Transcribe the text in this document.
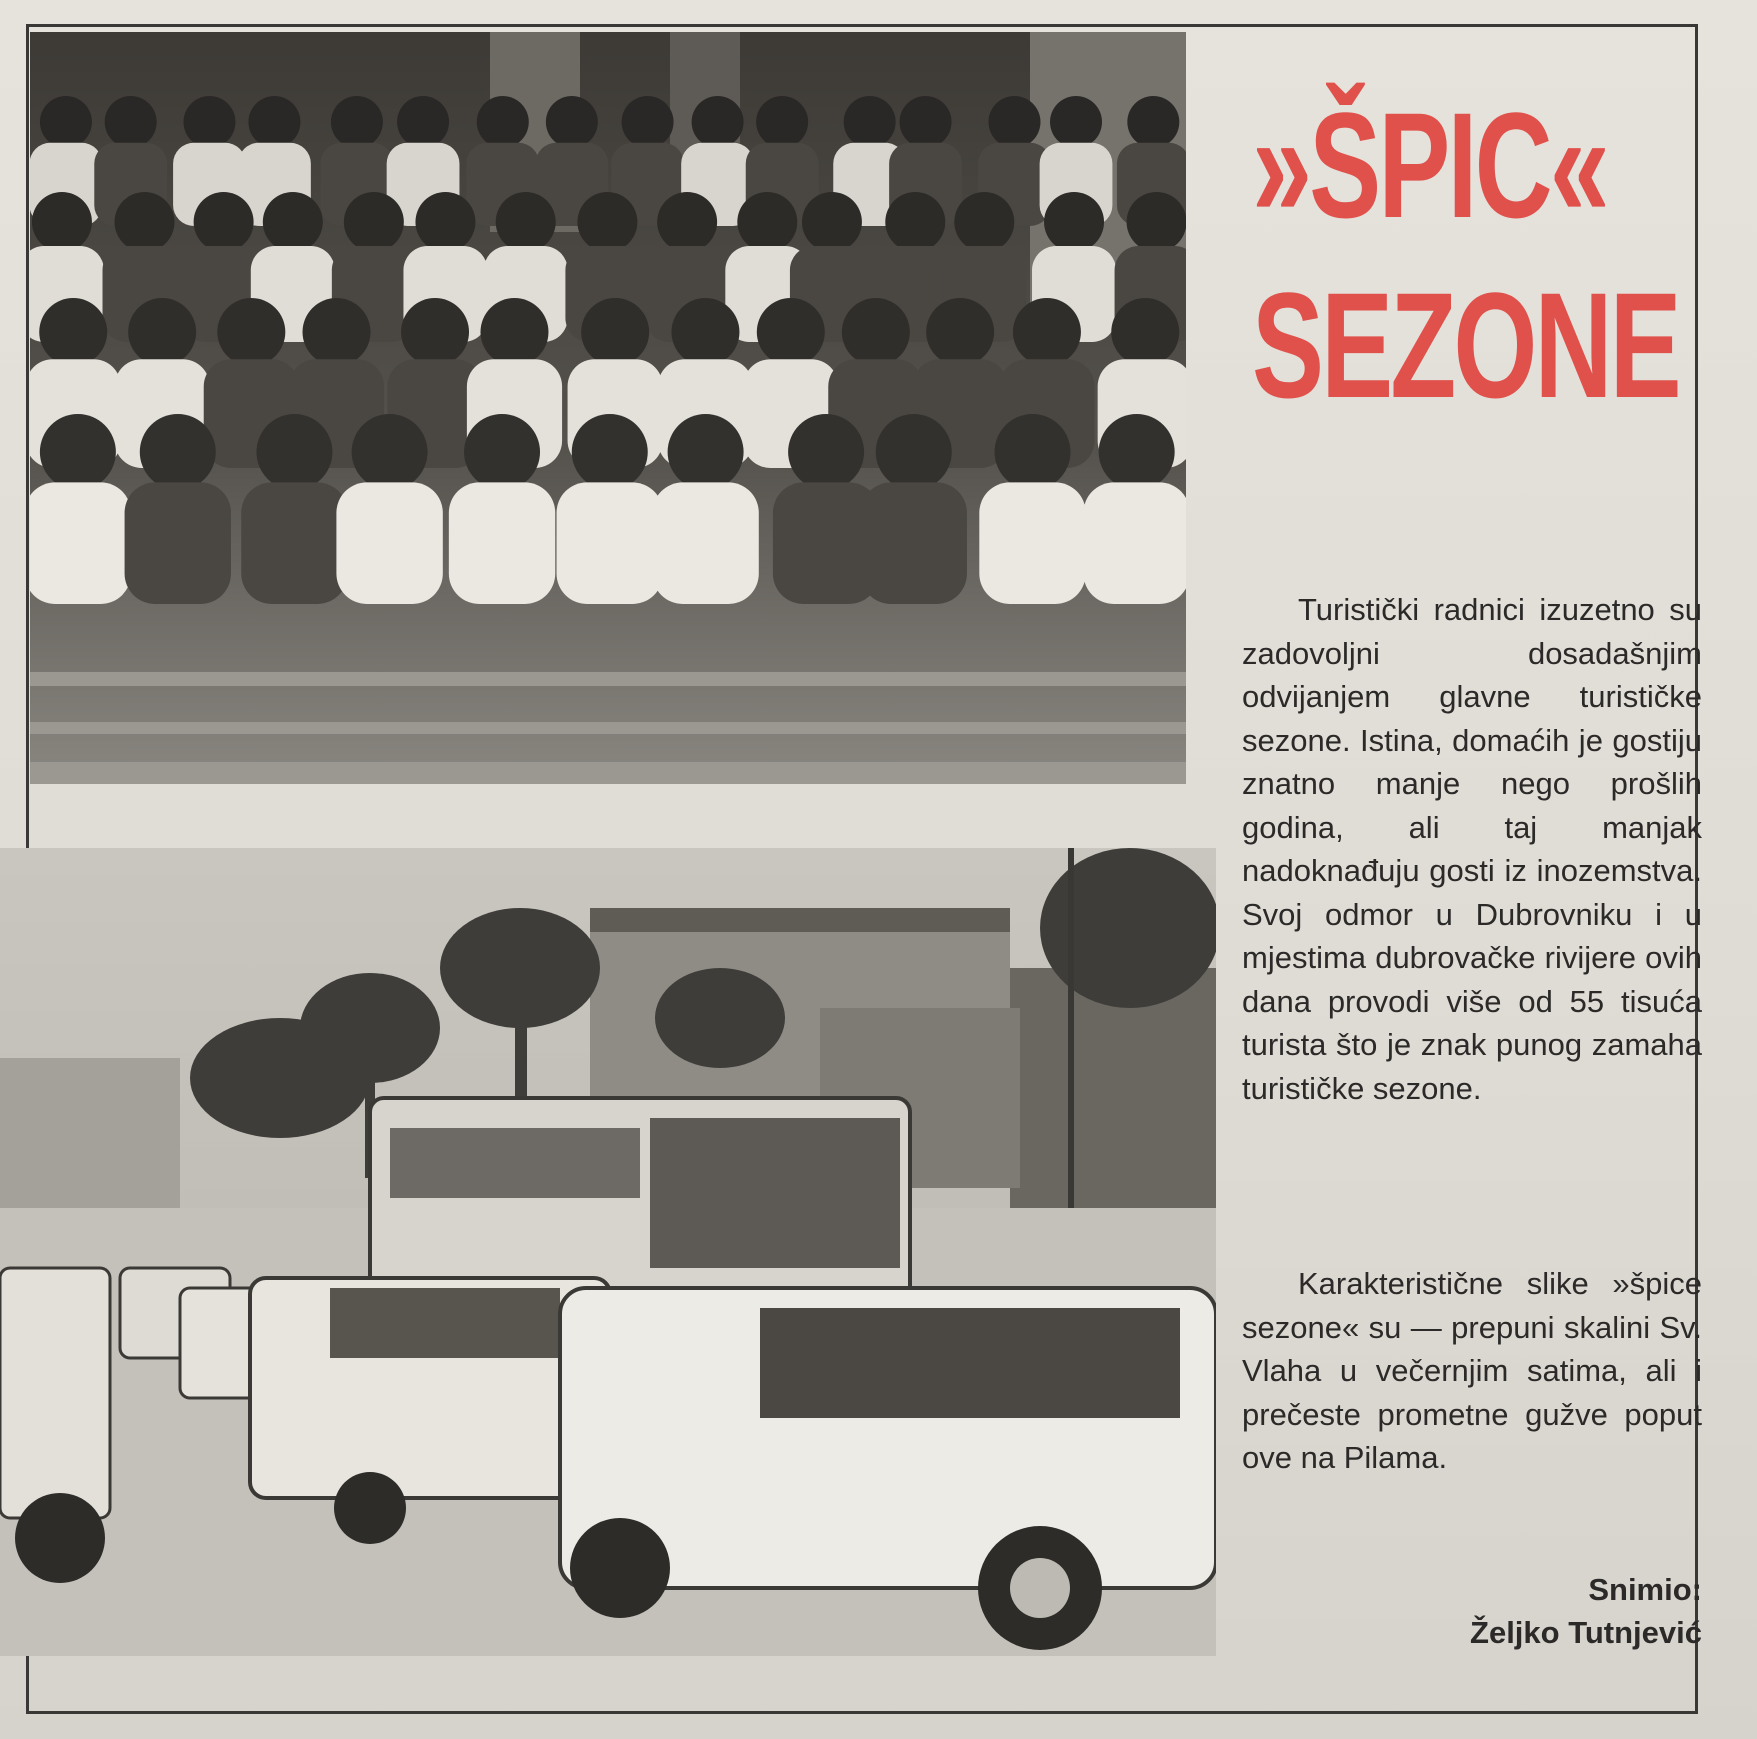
»ŠPIC«
SEZONE
Turistički radnici izuzetno su zadovoljni dosadašnjim odvijanjem glavne turističke sezone. Istina, domaćih je gostiju znatno manje nego prošlih godina, ali taj manjak nadoknađuju gosti iz inozemstva. Svoj odmor u Dubrovniku i u mjestima dubrovačke rivijere ovih dana provodi više od 55 tisuća turista što je znak punog zamaha turističke sezone.
Karakteristične slike »špice sezone« su — prepuni skalini Sv. Vlaha u večernjim satima, ali i prečeste prometne gužve poput ove na Pilama.
Snimio:
Željko Tutnjević
